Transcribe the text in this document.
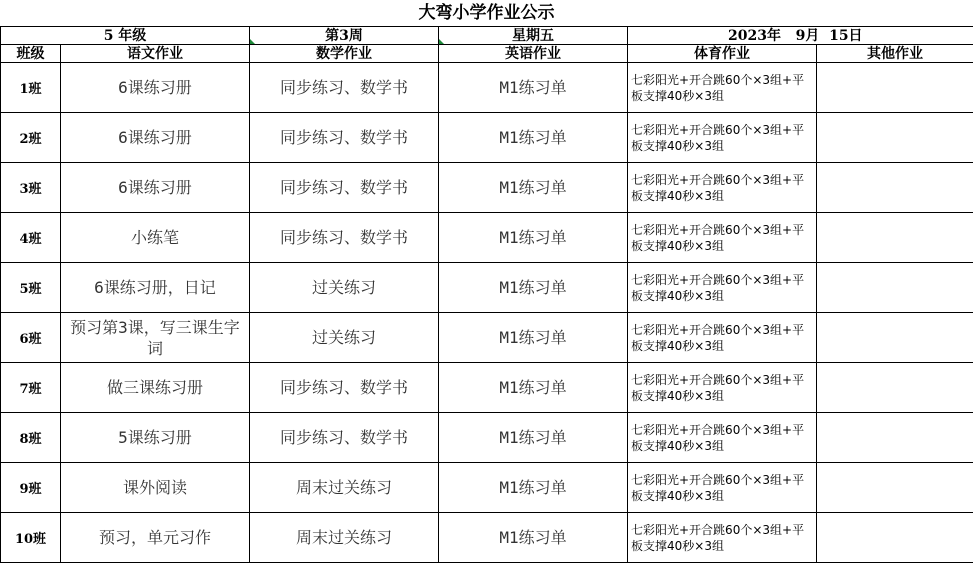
大弯小学作业公示
5 年级		第3周	星期五	2023年   9月  15日	
班级	语文作业	数学作业	英语作业	体育作业	其他作业
1班	6课练习册	同步练习、数学书	M1练习单	七彩阳光+开合跳60个×3组+平板支撑40秒×3组	
2班	6课练习册	同步练习、数学书	M1练习单	七彩阳光+开合跳60个×3组+平板支撑40秒×3组	
3班	6课练习册	同步练习、数学书	M1练习单	七彩阳光+开合跳60个×3组+平板支撑40秒×3组	
4班	小练笔	同步练习、数学书	M1练习单	七彩阳光+开合跳60个×3组+平板支撑40秒×3组	
5班	6课练习册，日记	过关练习	M1练习单	七彩阳光+开合跳60个×3组+平板支撑40秒×3组	
6班	预习第3课，写三课生字词	过关练习	M1练习单	七彩阳光+开合跳60个×3组+平板支撑40秒×3组	
7班	做三课练习册	同步练习、数学书	M1练习单	七彩阳光+开合跳60个×3组+平板支撑40秒×3组	
8班	5课练习册	同步练习、数学书	M1练习单	七彩阳光+开合跳60个×3组+平板支撑40秒×3组	
9班	课外阅读	周末过关练习	M1练习单	七彩阳光+开合跳60个×3组+平板支撑40秒×3组	
10班	预习，单元习作	周末过关练习	M1练习单	七彩阳光+开合跳60个×3组+平板支撑40秒×3组	
